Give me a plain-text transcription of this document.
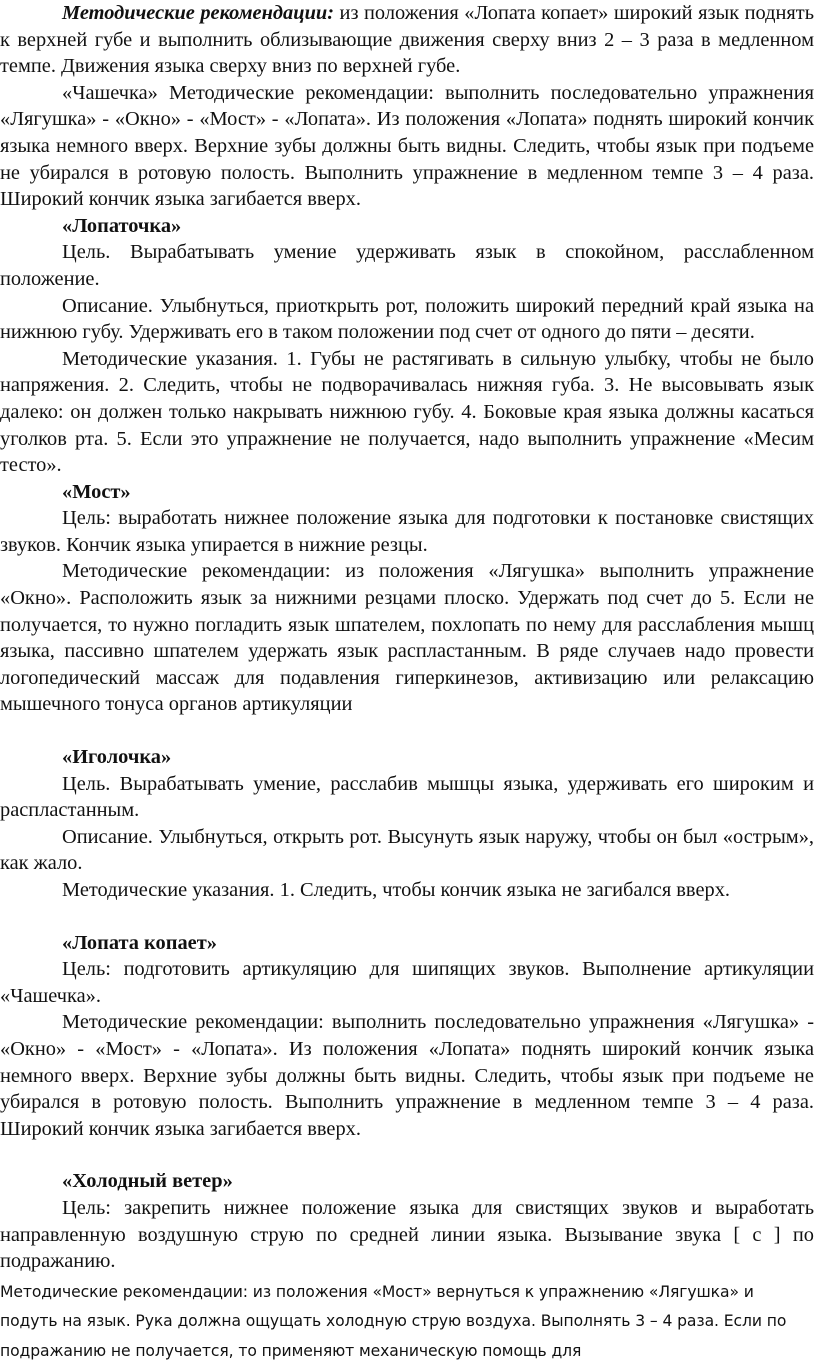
Методические рекомендации: из положения «Лопата копает» широкий язык поднять к верхней губе и выполнить облизывающие движения сверху вниз 2 – 3 раза в медленном темпе. Движения языка сверху вниз по верхней губе.

«Чашечка» Методические рекомендации: выполнить последовательно упражнения «Лягушка» - «Окно» - «Мост» - «Лопата». Из положения «Лопата» поднять широкий кончик языка немного вверх. Верхние зубы должны быть видны. Следить, чтобы язык при подъеме не убирался в ротовую полость. Выполнить упражнение в медленном темпе 3 – 4 раза. Широкий кончик языка загибается вверх.

«Лопаточка»

Цель. Вырабатывать умение удерживать язык в спокойном, расслабленном положение.

Описание. Улыбнуться, приоткрыть рот, положить широкий передний край языка на нижнюю губу. Удерживать его в таком положении под счет от одного до пяти – десяти.

Методические указания. 1. Губы не растягивать в сильную улыбку, чтобы не было напряжения. 2. Следить, чтобы не подворачивалась нижняя губа. 3. Не высовывать язык далеко: он должен только накрывать нижнюю губу. 4. Боковые края языка должны касаться уголков рта. 5. Если это упражнение не получается, надо выполнить упражнение «Месим тесто».

«Мост»

Цель: выработать нижнее положение языка для подготовки к постановке свистящих звуков. Кончик языка упирается в нижние резцы.

Методические рекомендации: из положения «Лягушка» выполнить упражнение «Окно». Расположить язык за нижними резцами плоско. Удержать под счет до 5. Если не получается, то нужно погладить язык шпателем, похлопать по нему для расслабления мышц языка, пассивно шпателем удержать язык распластанным. В ряде случаев надо провести логопедический массаж для подавления гиперкинезов, активизацию или релаксацию мышечного тонуса органов артикуляции

«Иголочка»

Цель. Вырабатывать умение, расслабив мышцы языка, удерживать его широким и распластанным.

Описание. Улыбнуться, открыть рот. Высунуть язык наружу, чтобы он был «острым», как жало.

Методические указания. 1. Следить, чтобы кончик языка не загибался вверх.

«Лопата копает»

Цель: подготовить артикуляцию для шипящих звуков. Выполнение артикуляции «Чашечка».

Методические рекомендации: выполнить последовательно упражнения «Лягушка» - «Окно» - «Мост» - «Лопата». Из положения «Лопата» поднять широкий кончик языка немного вверх. Верхние зубы должны быть видны. Следить, чтобы язык при подъеме не убирался в ротовую полость. Выполнить упражнение в медленном темпе 3 – 4 раза. Широкий кончик языка загибается вверх.

«Холодный ветер»

Цель: закрепить нижнее положение языка для свистящих звуков и выработать направленную воздушную струю по средней линии языка. Вызывание звука [ с ] по подражанию.

Методические рекомендации: из положения «Мост» вернуться к упражнению «Лягушка» и подуть на язык. Рука должна ощущать холодную струю воздуха. Выполнять 3 – 4 раза. Если по подражанию не получается, то применяют механическую помощь для
